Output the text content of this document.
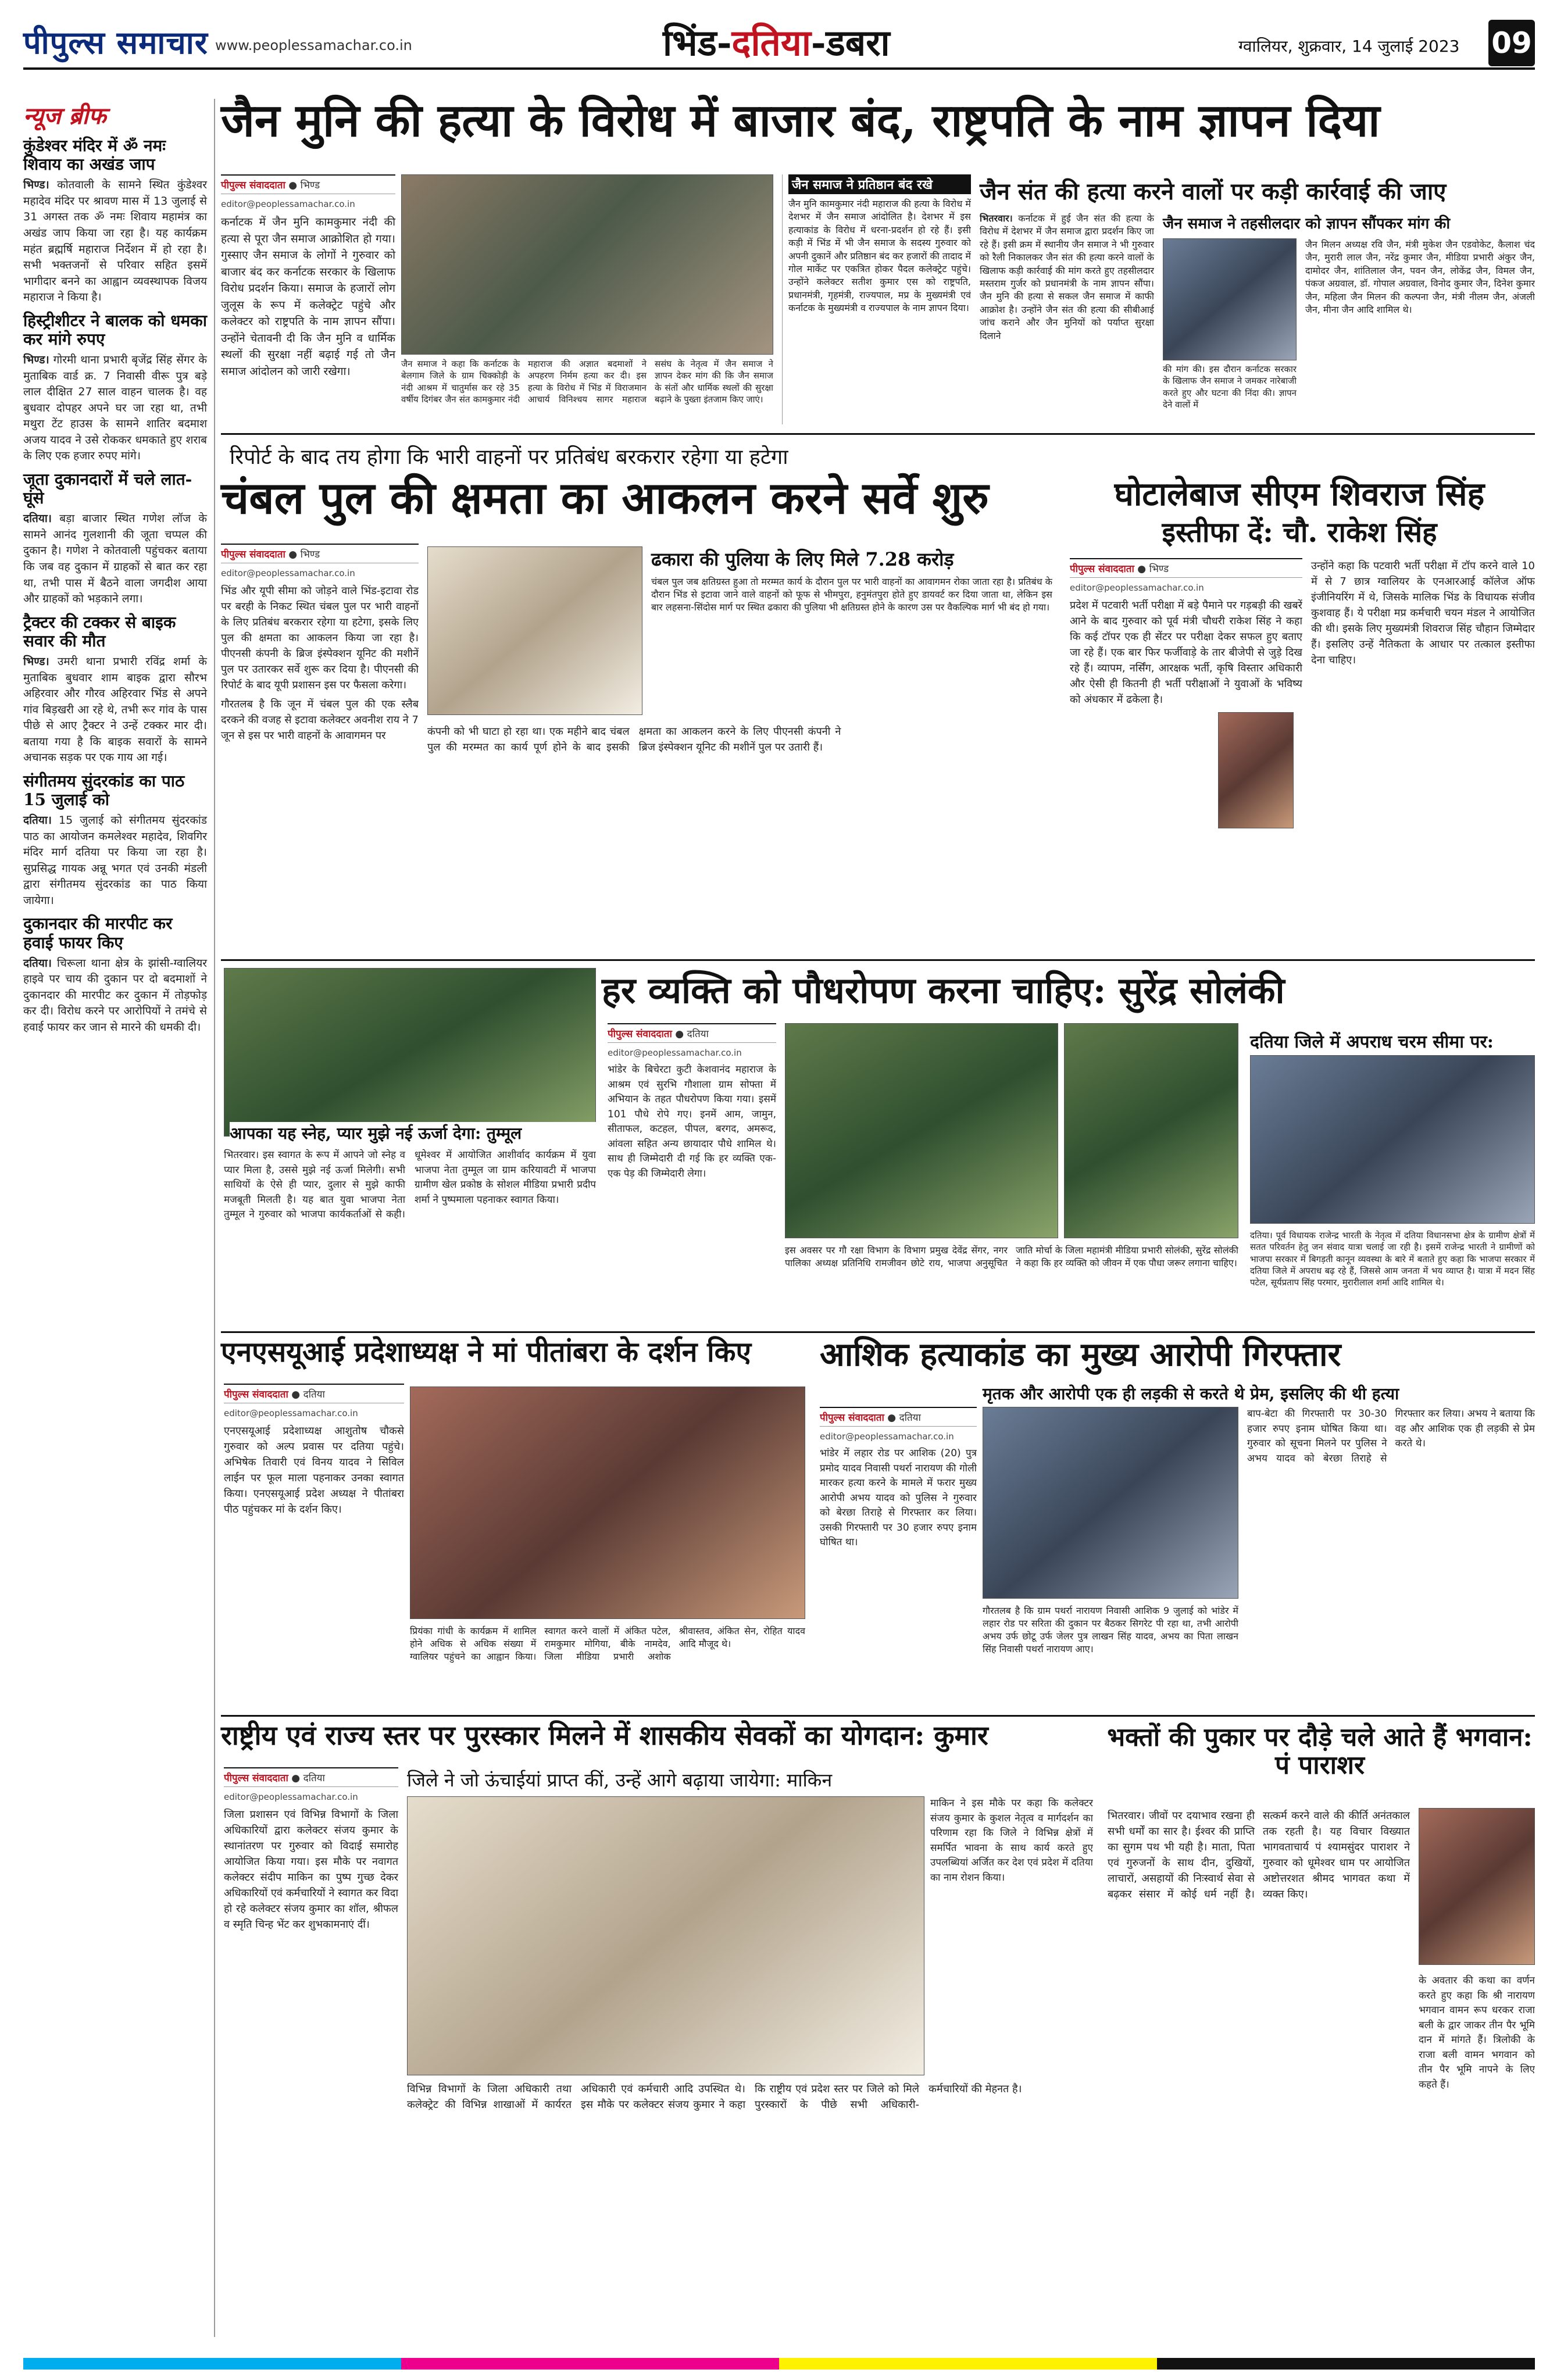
पीपुल्स समाचार www.peoplessamachar.co.in	भिंड-दतिया-डबरा	ग्वालियर, शुक्रवार, 14 जुलाई 2023 09
न्यूज ब्रीफ
कुंडेश्वर मंदिर में ॐ नमः शिवाय का अखंड जाप

भिण्ड। कोतवाली के सामने स्थित कुंडेश्वर महादेव मंदिर पर श्रावण मास में 13 जुलाई से 31 अगस्त तक ॐ नमः शिवाय महामंत्र का अखंड जाप किया जा रहा है। यह कार्यक्रम महंत ब्रह्मर्षि महाराज निर्देशन में हो रहा है। सभी भक्तजनों से परिवार सहित इसमें भागीदार बनने का आह्वान व्यवस्थापक विजय महाराज ने किया है।

हिस्ट्रीशीटर ने बालक को धमका कर मांगे रुपए

भिण्ड। गोरमी थाना प्रभारी बृजेंद्र सिंह सेंगर के मुताबिक वार्ड क्र. 7 निवासी वीरू पुत्र बड़े लाल दीक्षित 27 साल वाहन चालक है। वह बुधवार दोपहर अपने घर जा रहा था, तभी मथुरा टेंट हाउस के सामने शातिर बदमाश अजय यादव ने उसे रोककर धमकाते हुए शराब के लिए एक हजार रुपए मांगे।

जूता दुकानदारों में चले लात-घूंसे

दतिया। बड़ा बाजार स्थित गणेश लॉज के सामने आनंद गुलशानी की जूता चप्पल की दुकान है। गणेश ने कोतवाली पहुंचकर बताया कि जब वह दुकान में ग्राहकों से बात कर रहा था, तभी पास में बैठने वाला जगदीश आया और ग्राहकों को भड़काने लगा।

ट्रैक्टर की टक्कर से बाइक सवार की मौत

भिण्ड। उमरी थाना प्रभारी रविंद्र शर्मा के मुताबिक बुधवार शाम बाइक द्वारा सौरभ अहिरवार और गौरव अहिरवार भिंड से अपने गांव बिड़खरी आ रहे थे, तभी रूर गांव के पास पीछे से आए ट्रैक्टर ने उन्हें टक्कर मार दी। बताया गया है कि बाइक सवारों के सामने अचानक सड़क पर एक गाय आ गई।

संगीतमय सुंदरकांड का पाठ 15 जुलाई को

दतिया। 15 जुलाई को संगीतमय सुंदरकांड पाठ का आयोजन कमलेश्वर महादेव, शिवगिर मंदिर मार्ग दतिया पर किया जा रहा है। सुप्रसिद्ध गायक अन्नू भगत एवं उनकी मंडली द्वारा संगीतमय सुंदरकांड का पाठ किया जायेगा।

दुकानदार की मारपीट कर हवाई फायर किए

दतिया। चिरूला थाना क्षेत्र के झांसी-ग्वालियर हाइवे पर चाय की दुकान पर दो बदमाशों ने दुकानदार की मारपीट कर दुकान में तोड़फोड़ कर दी। विरोध करने पर आरोपियों ने तमंचे से हवाई फायर कर जान से मारने की धमकी दी।

जैन मुनि की हत्या के विरोध में बाजार बंद, राष्ट्रपति के नाम ज्ञापन दिया
पीपुल्स संवाददाता ● भिण्ड
editor@peoplessamachar.co.in
कर्नाटक में जैन मुनि कामकुमार नंदी की हत्या से पूरा जैन समाज आक्रोशित हो गया। गुस्साए जैन समाज के लोगों ने गुरुवार को बाजार बंद कर कर्नाटक सरकार के खिलाफ विरोध प्रदर्शन किया। समाज के हजारों लोग जुलूस के रूप में कलेक्ट्रेट पहुंचे और कलेक्टर को राष्ट्रपति के नाम ज्ञापन सौंपा। उन्होंने चेतावनी दी कि जैन मुनि व धार्मिक स्थलों की सुरक्षा नहीं बढ़ाई गई तो जैन समाज आंदोलन को जारी रखेगा।
जैन समाज ने कहा कि कर्नाटक के बेलगाम जिले के ग्राम चिक्कोड़ी के नंदी आश्रम में चातुर्मास कर रहे 35 वर्षीय दिगंबर जैन संत कामकुमार नंदी महाराज की अज्ञात बदमाशों ने अपहरण निर्मम हत्या कर दी। इस हत्या के विरोध में भिंड में विराजमान आचार्य विनिश्चय सागर महाराज ससंघ के नेतृत्व में जैन समाज ने ज्ञापन देकर मांग की कि जैन समाज के संतों और धार्मिक स्थलों की सुरक्षा बढ़ाने के पुख्ता इंतजाम किए जाएं।
जैन समाज ने प्रतिष्ठान बंद रखे
जैन मुनि कामकुमार नंदी महाराज की हत्या के विरोध में देशभर में जैन समाज आंदोलित है। देशभर में इस हत्याकांड के विरोध में धरना-प्रदर्शन हो रहे हैं। इसी कड़ी में भिंड में भी जैन समाज के सदस्य गुरुवार को अपनी दुकानें और प्रतिष्ठान बंद कर हजारों की तादाद में गोल मार्केट पर एकत्रित होकर पैदल कलेक्ट्रेट पहुंचे। उन्होंने कलेक्टर सतीश कुमार एस को राष्ट्रपति, प्रधानमंत्री, गृहमंत्री, राज्यपाल, मप्र के मुख्यमंत्री एवं कर्नाटक के मुख्यमंत्री व राज्यपाल के नाम ज्ञापन दिया।
जैन संत की हत्या करने वालों पर कड़ी कार्रवाई की जाए
भितरवार। कर्नाटक में हुई जैन संत की हत्या के विरोध में देशभर में जैन समाज द्वारा प्रदर्शन किए जा रहे हैं। इसी क्रम में स्थानीय जैन समाज ने भी गुरुवार को रैली निकालकर जैन संत की हत्या करने वालों के खिलाफ कड़ी कार्रवाई की मांग करते हुए तहसीलदार मस्तराम गुर्जर को प्रधानमंत्री के नाम ज्ञापन सौंपा। जैन मुनि की हत्या से सकल जैन समाज में काफी आक्रोश है। उन्होंने जैन संत की हत्या की सीबीआई जांच कराने और जैन मुनियों को पर्याप्त सुरक्षा दिलाने
जैन समाज ने तहसीलदार को ज्ञापन सौंपकर मांग की
की मांग की। इस दौरान कर्नाटक सरकार के खिलाफ जैन समाज ने जमकर नारेबाजी करते हुए और घटना की निंदा की। ज्ञापन देने वालों में
जैन मिलन अध्यक्ष रवि जैन, मंत्री मुकेश जैन एडवोकेट, कैलाश चंद जैन, मुरारी लाल जैन, नरेंद्र कुमार जैन, मीडिया प्रभारी अंकुर जैन, दामोदर जैन, शांतिलाल जैन, पवन जैन, लोकेंद्र जैन, विमल जैन, पंकज अग्रवाल, डॉ. गोपाल अग्रवाल, विनोद कुमार जैन, दिनेश कुमार जैन, महिला जैन मिलन की कल्पना जैन, मंत्री नीलम जैन, अंजली जैन, मीना जैन आदि शामिल थे।
रिपोर्ट के बाद तय होगा कि भारी वाहनों पर प्रतिबंध बरकरार रहेगा या हटेगा
चंबल पुल की क्षमता का आकलन करने सर्वे शुरु
पीपुल्स संवाददाता ● भिण्ड
editor@peoplessamachar.co.in
भिंड और यूपी सीमा को जोड़ने वाले भिंड-इटावा रोड पर बरही के निकट स्थित चंबल पुल पर भारी वाहनों के लिए प्रतिबंध बरकरार रहेगा या हटेगा, इसके लिए पुल की क्षमता का आकलन किया जा रहा है। पीएनसी कंपनी के ब्रिज इंस्पेक्शन यूनिट की मशीनें पुल पर उतारकर सर्वे शुरू कर दिया है। पीएनसी की रिपोर्ट के बाद यूपी प्रशासन इस पर फैसला करेगा।
गौरतलब है कि जून में चंबल पुल की एक स्लैब दरकने की वजह से इटावा कलेक्टर अवनीश राय ने 7 जून से इस पर भारी वाहनों के आवागमन पर
ढकारा की पुलिया के लिए मिले 7.28 करोड़
चंबल पुल जब क्षतिग्रस्त हुआ तो मरम्मत कार्य के दौरान पुल पर भारी वाहनों का आवागमन रोका जाता रहा है। प्रतिबंध के दौरान भिंड से इटावा जाने वाले वाहनों को फूफ से भीमपुरा, हनुमंतपुरा होते हुए डायवर्ट कर दिया जाता था, लेकिन इस बार लहसना-सिंदोस मार्ग पर स्थित ढकारा की पुलिया भी क्षतिग्रस्त होने के कारण उस पर वैकल्पिक मार्ग भी बंद हो गया।
कंपनी को भी घाटा हो रहा था। एक महीने बाद चंबल पुल की मरम्मत का कार्य पूर्ण होने के बाद इसकी क्षमता का आकलन करने के लिए पीएनसी कंपनी ने ब्रिज इंस्पेक्शन यूनिट की मशीनें पुल पर उतारी हैं।
घोटालेबाज सीएम शिवराज सिंह
इस्तीफा दें: चौ. राकेश सिंह
पीपुल्स संवाददाता ● भिण्ड
editor@peoplessamachar.co.in
प्रदेश में पटवारी भर्ती परीक्षा में बड़े पैमाने पर गड़बड़ी की खबरें आने के बाद गुरुवार को पूर्व मंत्री चौधरी राकेश सिंह ने कहा कि कई टॉपर एक ही सेंटर पर परीक्षा देकर सफल हुए बताए जा रहे हैं। एक बार फिर फर्जीवाड़े के तार बीजेपी से जुड़े दिख रहे हैं। व्यापम, नर्सिंग, आरक्षक भर्ती, कृषि विस्तार अधिकारी और ऐसी ही कितनी ही भर्ती परीक्षाओं ने युवाओं के भविष्य को अंधकार में ढकेला है।
उन्होंने कहा कि पटवारी भर्ती परीक्षा में टॉप करने वाले 10 में से 7 छात्र ग्वालियर के एनआरआई कॉलेज ऑफ इंजीनियरिंग में थे, जिसके मालिक भिंड के विधायक संजीव कुशवाह हैं। ये परीक्षा मप्र कर्मचारी चयन मंडल ने आयोजित की थी। इसके लिए मुख्यमंत्री शिवराज सिंह चौहान जिम्मेदार हैं। इसलिए उन्हें नैतिकता के आधार पर तत्काल इस्तीफा देना चाहिए।
आपका यह स्नेह, प्यार मुझे नई ऊर्जा देगा: तुम्मूल
भितरवार। इस स्वागत के रूप में आपने जो स्नेह व प्यार मिला है, उससे मुझे नई ऊर्जा मिलेगी। सभी साथियों के ऐसे ही प्यार, दुलार से मुझे काफी मजबूती मिलती है। यह बात युवा भाजपा नेता तुम्मूल ने गुरुवार को भाजपा कार्यकर्ताओं से कही। धूमेश्वर में आयोजित आशीर्वाद कार्यक्रम में युवा भाजपा नेता तुम्मूल जा ग्राम करियावटी में भाजपा ग्रामीण खेल प्रकोष्ठ के सोशल मीडिया प्रभारी प्रदीप शर्मा ने पुष्पमाला पहनाकर स्वागत किया।
हर व्यक्ति को पौधरोपण करना चाहिए: सुरेंद्र सोलंकी
पीपुल्स संवाददाता ● दतिया
editor@peoplessamachar.co.in
भांडेर के बिचेरटा कुटी केशवानंद महाराज के आश्रम एवं सुरभि गौशाला ग्राम सोफ्ता में अभियान के तहत पौधरोपण किया गया। इसमें 101 पौधे रोपे गए। इनमें आम, जामुन, सीताफल, कटहल, पीपल, बरगद, अमरूद, आंवला सहित अन्य छायादार पौधे शामिल थे। साथ ही जिम्मेदारी दी गई कि हर व्यक्ति एक-एक पेड़ की जिम्मेदारी लेगा।
इस अवसर पर गौ रक्षा विभाग के विभाग प्रमुख देवेंद्र सेंगर, नगर पालिका अध्यक्ष प्रतिनिधि रामजीवन छोटे राय, भाजपा अनुसूचित जाति मोर्चा के जिला महामंत्री मीडिया प्रभारी सोलंकी, सुरेंद्र सोलंकी ने कहा कि हर व्यक्ति को जीवन में एक पौधा जरूर लगाना चाहिए।
दतिया जिले में अपराध चरम सीमा पर:
दतिया। पूर्व विधायक राजेन्द्र भारती के नेतृत्व में दतिया विधानसभा क्षेत्र के ग्रामीण क्षेत्रों में सतत परिवर्तन हेतु जन संवाद यात्रा चलाई जा रही है। इसमें राजेन्द्र भारती ने ग्रामीणों को भाजपा सरकार में बिगड़ती कानून व्यवस्था के बारे में बताते हुए कहा कि भाजपा सरकार में दतिया जिले में अपराध बढ़ रहे हैं, जिससे आम जनता में भय व्याप्त है। यात्रा में मदन सिंह पटेल, सूर्यप्रताप सिंह परमार, मुरारीलाल शर्मा आदि शामिल थे।
एनएसयूआई प्रदेशाध्यक्ष ने मां पीतांबरा के दर्शन किए
पीपुल्स संवाददाता ● दतिया
editor@peoplessamachar.co.in
एनएसयूआई प्रदेशाध्यक्ष आशुतोष चौकसे गुरुवार को अल्प प्रवास पर दतिया पहुंचे। अभिषेक तिवारी एवं विनय यादव ने सिविल लाईन पर फूल माला पहनाकर उनका स्वागत किया। एनएसयूआई प्रदेश अध्यक्ष ने पीतांबरा पीठ पहुंचकर मां के दर्शन किए।
प्रियंका गांधी के कार्यक्रम में शामिल होने अधिक से अधिक संख्या में ग्वालियर पहुंचने का आह्वान किया। स्वागत करने वालों में अंकित पटेल, रामकुमार मोगिया, बीके नामदेव, जिला मीडिया प्रभारी अशोक श्रीवास्तव, अंकित सेन, रोहित यादव आदि मौजूद थे।
आशिक हत्याकांड का मुख्य आरोपी गिरफ्तार
मृतक और आरोपी एक ही लड़की से करते थे प्रेम, इसलिए की थी हत्या
पीपुल्स संवाददाता ● दतिया
editor@peoplessamachar.co.in
भांडेर में लहार रोड पर आशिक (20) पुत्र प्रमोद यादव निवासी पथर्रा नारायण की गोली मारकर हत्या करने के मामले में फरार मुख्य आरोपी अभय यादव को पुलिस ने गुरुवार को बेरछा तिराहे से गिरफ्तार कर लिया। उसकी गिरफ्तारी पर 30 हजार रुपए इनाम घोषित था।
गौरतलब है कि ग्राम पथर्रा नारायण निवासी आशिक 9 जुलाई को भांडेर में लहार रोड पर सरिता की दुकान पर बैठकर सिगरेट पी रहा था, तभी आरोपी अभय उर्फ छोटू उर्फ जेलर पुत्र लाखन सिंह यादव, अभय का पिता लाखन सिंह निवासी पथर्रा नारायण आए।
बाप-बेटा की गिरफ्तारी पर 30-30 हजार रुपए इनाम घोषित किया था। गुरुवार को सूचना मिलने पर पुलिस ने अभय यादव को बेरछा तिराहे से गिरफ्तार कर लिया। अभय ने बताया कि वह और आशिक एक ही लड़की से प्रेम करते थे।
राष्ट्रीय एवं राज्य स्तर पर पुरस्कार मिलने में शासकीय सेवकों का योगदान: कुमार
पीपुल्स संवाददाता ● दतिया
editor@peoplessamachar.co.in
जिला प्रशासन एवं विभिन्न विभागों के जिला अधिकारियों द्वारा कलेक्टर संजय कुमार के स्थानांतरण पर गुरुवार को विदाई समारोह आयोजित किया गया। इस मौके पर नवागत कलेक्टर संदीप माकिन का पुष्प गुच्छ देकर अधिकारियों एवं कर्मचारियों ने स्वागत कर विदा हो रहे कलेक्टर संजय कुमार का शॉल, श्रीफल व स्मृति चिन्ह भेंट कर शुभकामनाएं दीं।
जिले ने जो ऊंचाईयां प्राप्त कीं, उन्हें आगे बढ़ाया जायेगा: माकिन
विभिन्न विभागों के जिला अधिकारी तथा कलेक्ट्रेट की विभिन्न शाखाओं में कार्यरत अधिकारी एवं कर्मचारी आदि उपस्थित थे। इस मौके पर कलेक्टर संजय कुमार ने कहा कि राष्ट्रीय एवं प्रदेश स्तर पर जिले को मिले पुरस्कारों के पीछे सभी अधिकारी-कर्मचारियों की मेहनत है।
माकिन ने इस मौके पर कहा कि कलेक्टर संजय कुमार के कुशल नेतृत्व व मार्गदर्शन का परिणाम रहा कि जिले ने विभिन्न क्षेत्रों में समर्पित भावना के साथ कार्य करते हुए उपलब्धियां अर्जित कर देश एवं प्रदेश में दतिया का नाम रोशन किया।
भक्तों की पुकार पर दौड़े चले आते हैं भगवान: पं पाराशर
भितरवार। जीवों पर दयाभाव रखना ही सभी धर्मों का सार है। ईश्वर की प्राप्ति का सुगम पथ भी यही है। माता, पिता एवं गुरुजनों के साथ दीन, दुखियों, लाचारों, असहायों की निःस्वार्थ सेवा से बढ़कर संसार में कोई धर्म नहीं है। सत्कर्म करने वाले की कीर्ति अनंतकाल तक रहती है। यह विचार विख्यात भागवताचार्य पं श्यामसुंदर पाराशर ने गुरुवार को धूमेश्वर धाम पर आयोजित अष्टोत्तरशत श्रीमद भागवत कथा में व्यक्त किए।
के अवतार की कथा का वर्णन करते हुए कहा कि श्री नारायण भगवान वामन रूप धरकर राजा बली के द्वार जाकर तीन पैर भूमि दान में मांगते हैं। त्रिलोकी के राजा बली वामन भगवान को तीन पैर भूमि नापने के लिए कहते हैं।
